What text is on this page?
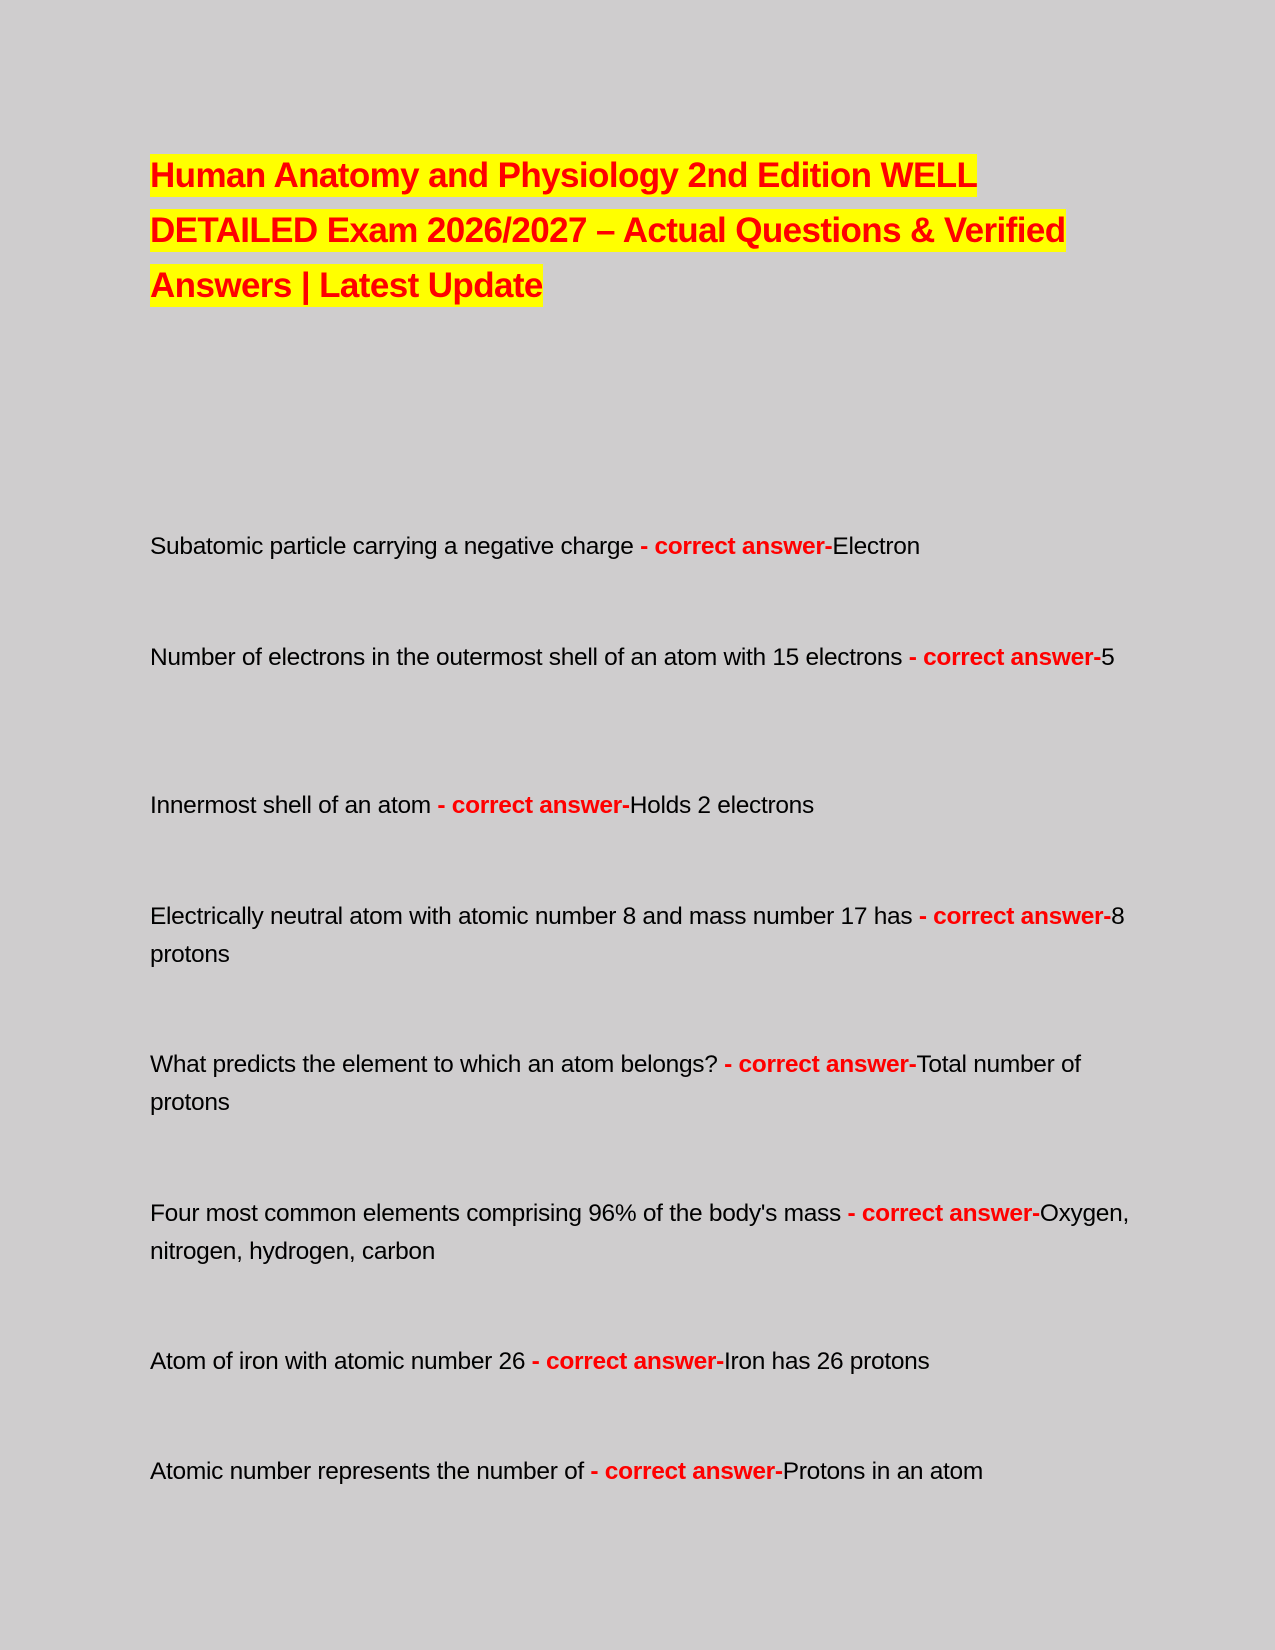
Human Anatomy and Physiology 2nd Edition WELL DETAILED Exam 2026/2027 – Actual Questions & Verified Answers | Latest Update
Subatomic particle carrying a negative charge - correct answer-Electron
Number of electrons in the outermost shell of an atom with 15 electrons - correct answer-5
Innermost shell of an atom - correct answer-Holds 2 electrons
Electrically neutral atom with atomic number 8 and mass number 17 has - correct answer-8 protons
What predicts the element to which an atom belongs? - correct answer-Total number of protons
Four most common elements comprising 96% of the body's mass - correct answer-Oxygen, nitrogen, hydrogen, carbon
Atom of iron with atomic number 26 - correct answer-Iron has 26 protons
Atomic number represents the number of - correct answer-Protons in an atom
